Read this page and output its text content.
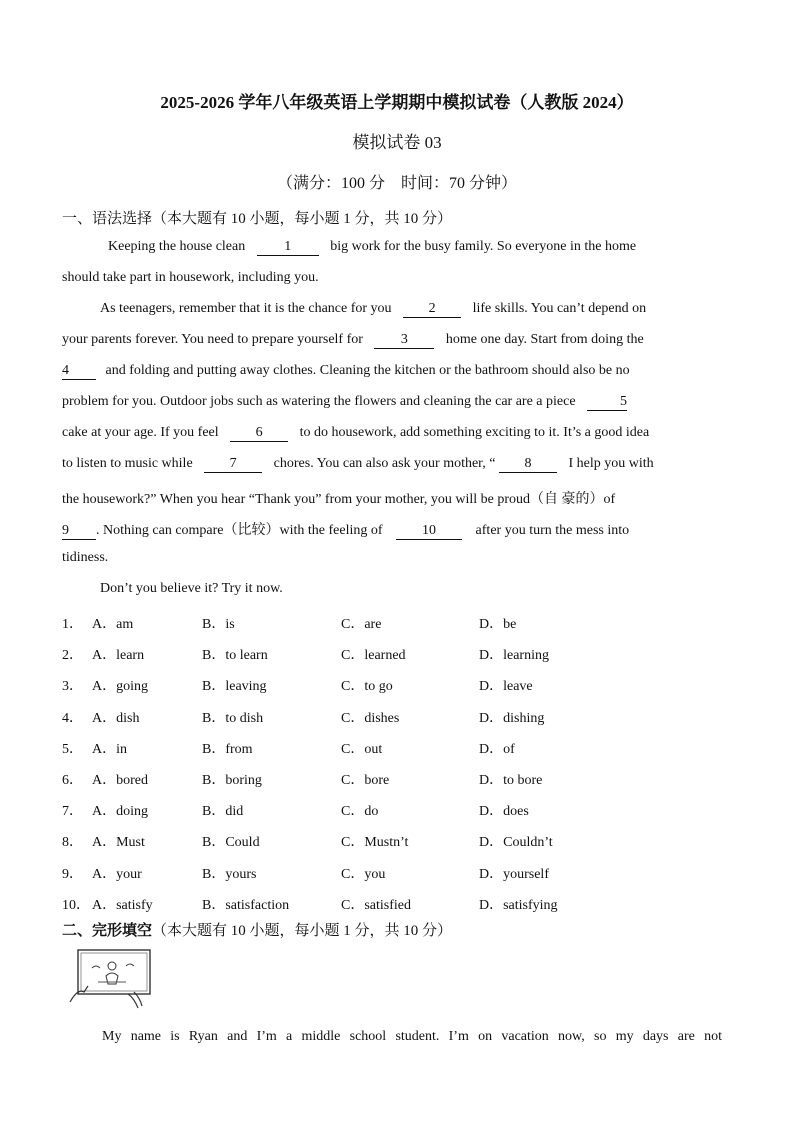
2025-2026 学年八年级英语上学期期中模拟试卷（人教版 2024）
模拟试卷 03
（满分：100 分　时间：70 分钟）
一、语法选择（本大题有 10 小题，每小题 1 分，共 10 分）
Keeping the house clean	1	big work for the busy family. So everyone in the home
should take part in housework, including you.
As teenagers, remember that it is the chance for you	2	life skills. You can’t depend on
your parents forever. You need to prepare yourself for	3	home one day. Start from doing the
4	and folding and putting away clothes. Cleaning the kitchen or the bathroom should also be no
problem for you. Outdoor jobs such as watering the flowers and cleaning the car are a piece	5
cake at your age. If you feel	6	to do housework, add something exciting to it. It’s a good idea
to listen to music while	7	chores. You can also ask your mother, “ 8	I help you with
the housework?” When you hear “Thank you” from your mother, you will be proud（自 豪的）of
9 . Nothing can compare（比较）with the feeling of	10	after you turn the mess into
tidiness.
Don’t you believe it? Try it now.
1． A．am	B．is	C．are	D．be
2． A．learn	B．to learn	C．learned	D．learning
3． A．going	B．leaving	C．to go	D．leave
4． A．dish	B．to dish	C．dishes	D．dishing
5． A．in	B．from	C．out	D．of
6． A．bored	B．boring	C．bore	D．to bore
7． A．doing	B．did	C．do	D．does
8． A．Must	B．Could	C．Mustn’t	D．Couldn’t
9． A．your	B．yours	C．you	D．yourself
10． A．satisfy	B．satisfaction	C．satisfied	D．satisfying
二、完形填空（本大题有 10 小题，每小题 1 分，共 10 分）
My name is Ryan and I’m a middle school student. I’m on vacation now, so my days are not
